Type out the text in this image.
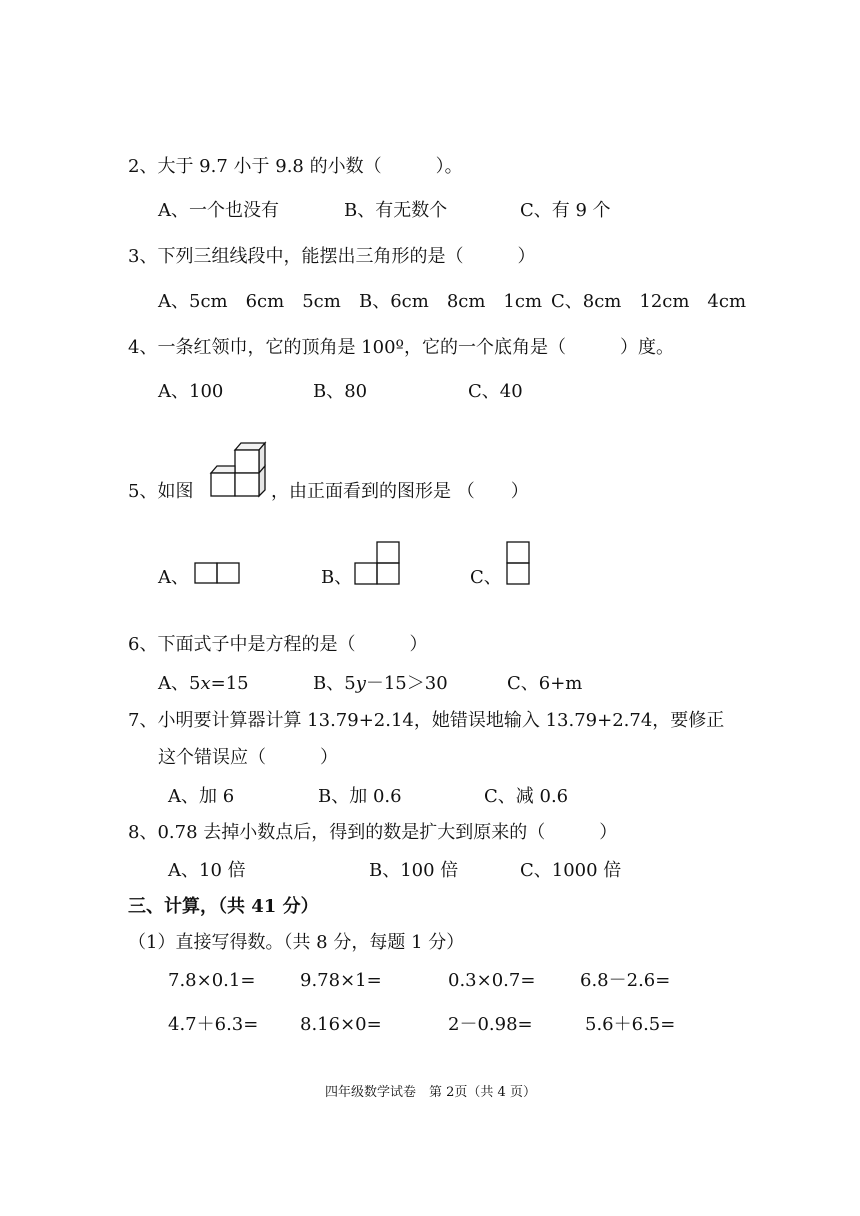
2、大于 9.7 小于 9.8 的小数（　　　）。
A、一个也没有	B、有无数个	C、有 9 个
3、下列三组线段中，能摆出三角形的是（　　　）
A、5cm　6cm　5cm B、6cm　8cm　1cm C、8cm　12cm　4cm
4、一条红领巾，它的顶角是 100º，它的一个底角是（　　　）度。
A、100	B、80	C、40
5、如图	，由正面看到的图形是 （　　）
A、	B、	C、
6、下面式子中是方程的是（　　　）
A、5x=15	B、5y－15＞30	C、6+m
7、小明要计算器计算 13.79+2.14，她错误地输入 13.79+2.74，要修正
这个错误应（　　　）
A、加 6	B、加 0.6	C、减 0.6
8、0.78 去掉小数点后，得到的数是扩大到原来的（　　　）
A、10 倍	B、100 倍	C、1000 倍
三、计算，（共 41 分）
（1）直接写得数。（共 8 分，每题 1 分）
7.8×0.1= 9.78×1=	0.3×0.7= 6.8－2.6=
4.7＋6.3= 8.16×0=	2－0.98=	5.6＋6.5=
四年级数学试卷　第 2页（共 4 页）
